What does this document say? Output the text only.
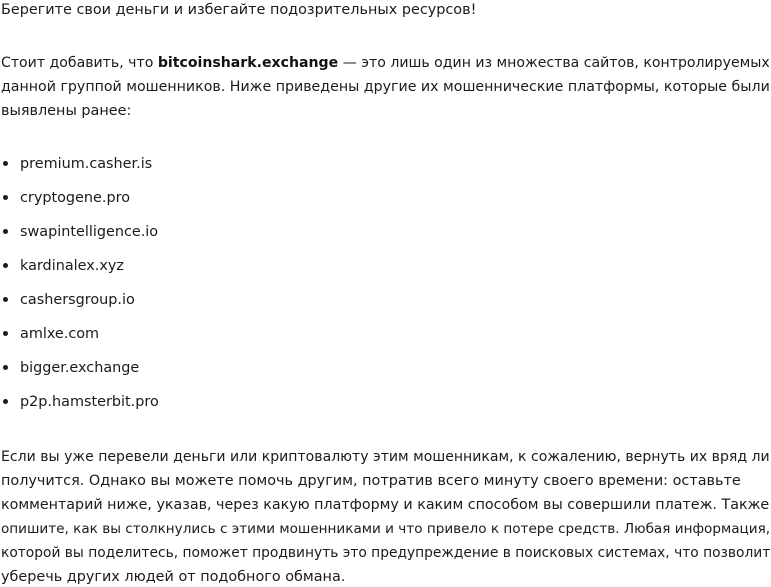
Берегите свои деньги и избегайте подозрительных ресурсов!
Стоит добавить, что bitcoinshark.exchange — это лишь один из множества сайтов, контролируемых
данной группой мошенников. Ниже приведены другие их мошеннические платформы, которые были
выявлены ранее:
premium.casher.is
cryptogene.pro
swapintelligence.io
kardinalex.xyz
cashersgroup.io
amlxe.com
bigger.exchange
p2p.hamsterbit.pro
Если вы уже перевели деньги или криптовалюту этим мошенникам, к сожалению, вернуть их вряд ли
получится. Однако вы можете помочь другим, потратив всего минуту своего времени: оставьте
комментарий ниже, указав, через какую платформу и каким способом вы совершили платеж. Также
опишите, как вы столкнулись с этими мошенниками и что привело к потере средств. Любая информация,
которой вы поделитесь, поможет продвинуть это предупреждение в поисковых системах, что позволит
уберечь других людей от подобного обмана.
